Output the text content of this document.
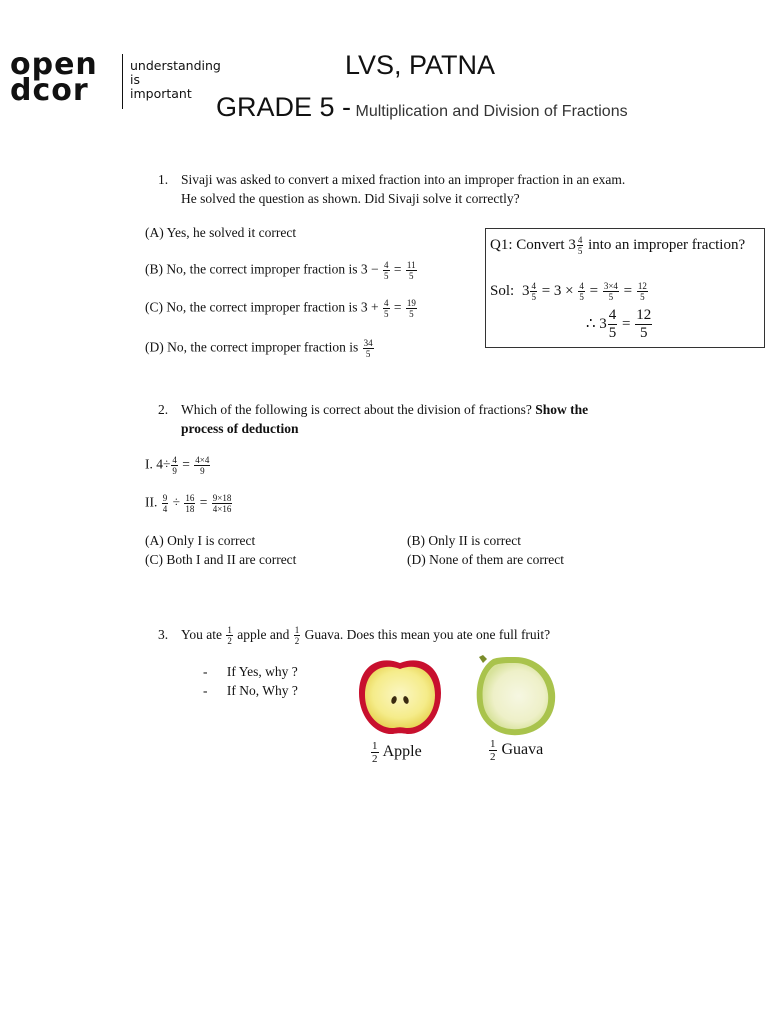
open
dcor
understanding
is
important
LVS, PATNA
GRADE 5 - Multiplication and Division of Fractions
1. Sivaji was asked to convert a mixed fraction into an improper fraction in an exam.
He solved the question as shown. Did Sivaji solve it correctly?
(A) Yes, he solved it correct
(B) No, the correct improper fraction is $3 - \frac{4}{5} = \frac{11}{5}$
(C) No, the correct improper fraction is $3 + \frac{4}{5} = \frac{19}{5}$
(D) No, the correct improper fraction is $\frac{34}{5}$
Q1: Convert $3 \frac{4}{5}$ into an improper fraction?
Sol: $3 \frac{4}{5} = 3 \times \frac{4}{5} = \frac{3\times 4}{5} = \frac{12}{5}$
∴ $3 \frac{4}{5} = \frac{12}{5}$
2. Which of the following is correct about the division of fractions? Show the
process of deduction
I. $4\div \frac{4}{9} = \frac{4\times 4}{9}$
II. $\frac{9}{4} \div \frac{16}{18} = \frac{9\times 18}{4\times 16}$
(A) Only I is correct	(B) Only II is correct
(C) Both I and II are correct	(D) None of them are correct
3. You ate $\frac{1}{2}$ apple and $\frac{1}{2}$ Guava. Does this mean you ate one full fruit?
- If Yes, why ?
- If No, Why ?
$\frac{1}{2}$ Apple	$\frac{1}{2}$ Guava
